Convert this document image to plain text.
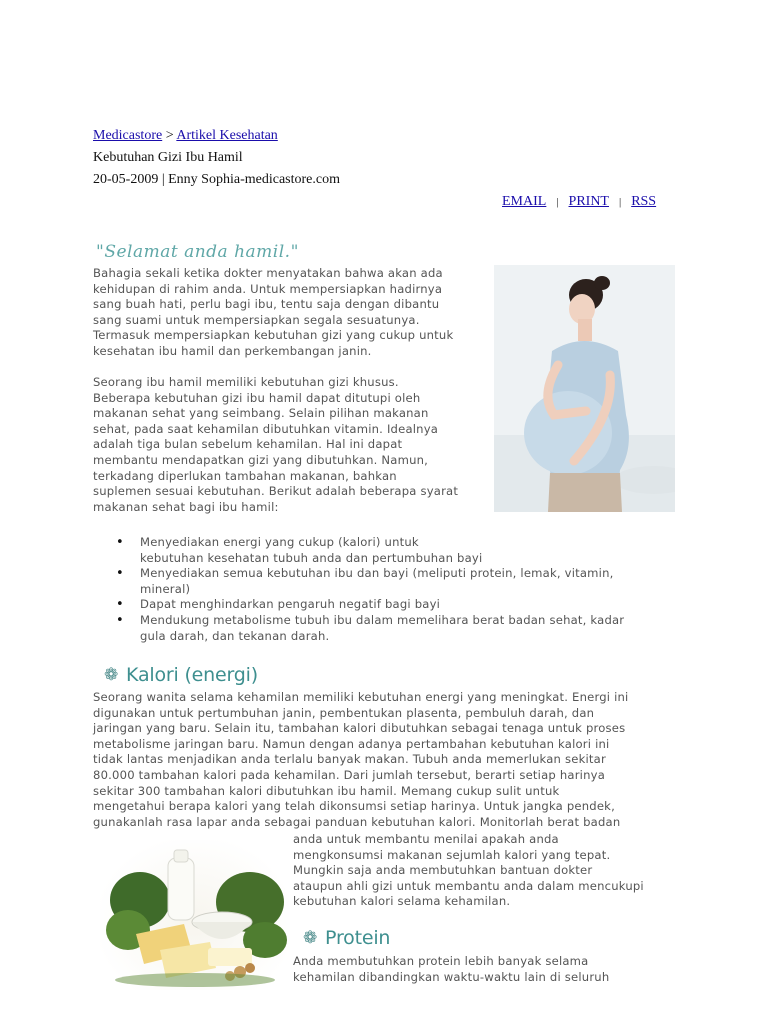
Medicastore > Artikel Kesehatan
Kebutuhan Gizi Ibu Hamil
20-05-2009 | Enny Sophia-medicastore.com
EMAIL | PRINT | RSS
"Selamat anda hamil."
Bahagia sekali ketika dokter menyatakan bahwa akan ada
kehidupan di rahim anda. Untuk mempersiapkan hadirnya
sang buah hati, perlu bagi ibu, tentu saja dengan dibantu
sang suami untuk mempersiapkan segala sesuatunya.
Termasuk mempersiapkan kebutuhan gizi yang cukup untuk
kesehatan ibu hamil dan perkembangan janin.
Seorang ibu hamil memiliki kebutuhan gizi khusus.
Beberapa kebutuhan gizi ibu hamil dapat ditutupi oleh
makanan sehat yang seimbang. Selain pilihan makanan
sehat, pada saat kehamilan dibutuhkan vitamin. Idealnya
adalah tiga bulan sebelum kehamilan. Hal ini dapat
membantu mendapatkan gizi yang dibutuhkan. Namun,
terkadang diperlukan tambahan makanan, bahkan
suplemen sesuai kebutuhan. Berikut adalah beberapa syarat
makanan sehat bagi ibu hamil:
• Menyediakan energi yang cukup (kalori) untuk
kebutuhan kesehatan tubuh anda dan pertumbuhan bayi
• Menyediakan semua kebutuhan ibu dan bayi (meliputi protein, lemak, vitamin,
mineral)
• Dapat menghindarkan pengaruh negatif bagi bayi
• Mendukung metabolisme tubuh ibu dalam memelihara berat badan sehat, kadar
gula darah, dan tekanan darah.
❁ Kalori (energi)
Seorang wanita selama kehamilan memiliki kebutuhan energi yang meningkat. Energi ini
digunakan untuk pertumbuhan janin, pembentukan plasenta, pembuluh darah, dan
jaringan yang baru. Selain itu, tambahan kalori dibutuhkan sebagai tenaga untuk proses
metabolisme jaringan baru. Namun dengan adanya pertambahan kebutuhan kalori ini
tidak lantas menjadikan anda terlalu banyak makan. Tubuh anda memerlukan sekitar
80.000 tambahan kalori pada kehamilan. Dari jumlah tersebut, berarti setiap harinya
sekitar 300 tambahan kalori dibutuhkan ibu hamil. Memang cukup sulit untuk
mengetahui berapa kalori yang telah dikonsumsi setiap harinya. Untuk jangka pendek,
gunakanlah rasa lapar anda sebagai panduan kebutuhan kalori. Monitorlah berat badan
anda untuk membantu menilai apakah anda
mengkonsumsi makanan sejumlah kalori yang tepat.
Mungkin saja anda membutuhkan bantuan dokter
ataupun ahli gizi untuk membantu anda dalam mencukupi
kebutuhan kalori selama kehamilan.
❁ Protein
Anda membutuhkan protein lebih banyak selama
kehamilan dibandingkan waktu-waktu lain di seluruh
